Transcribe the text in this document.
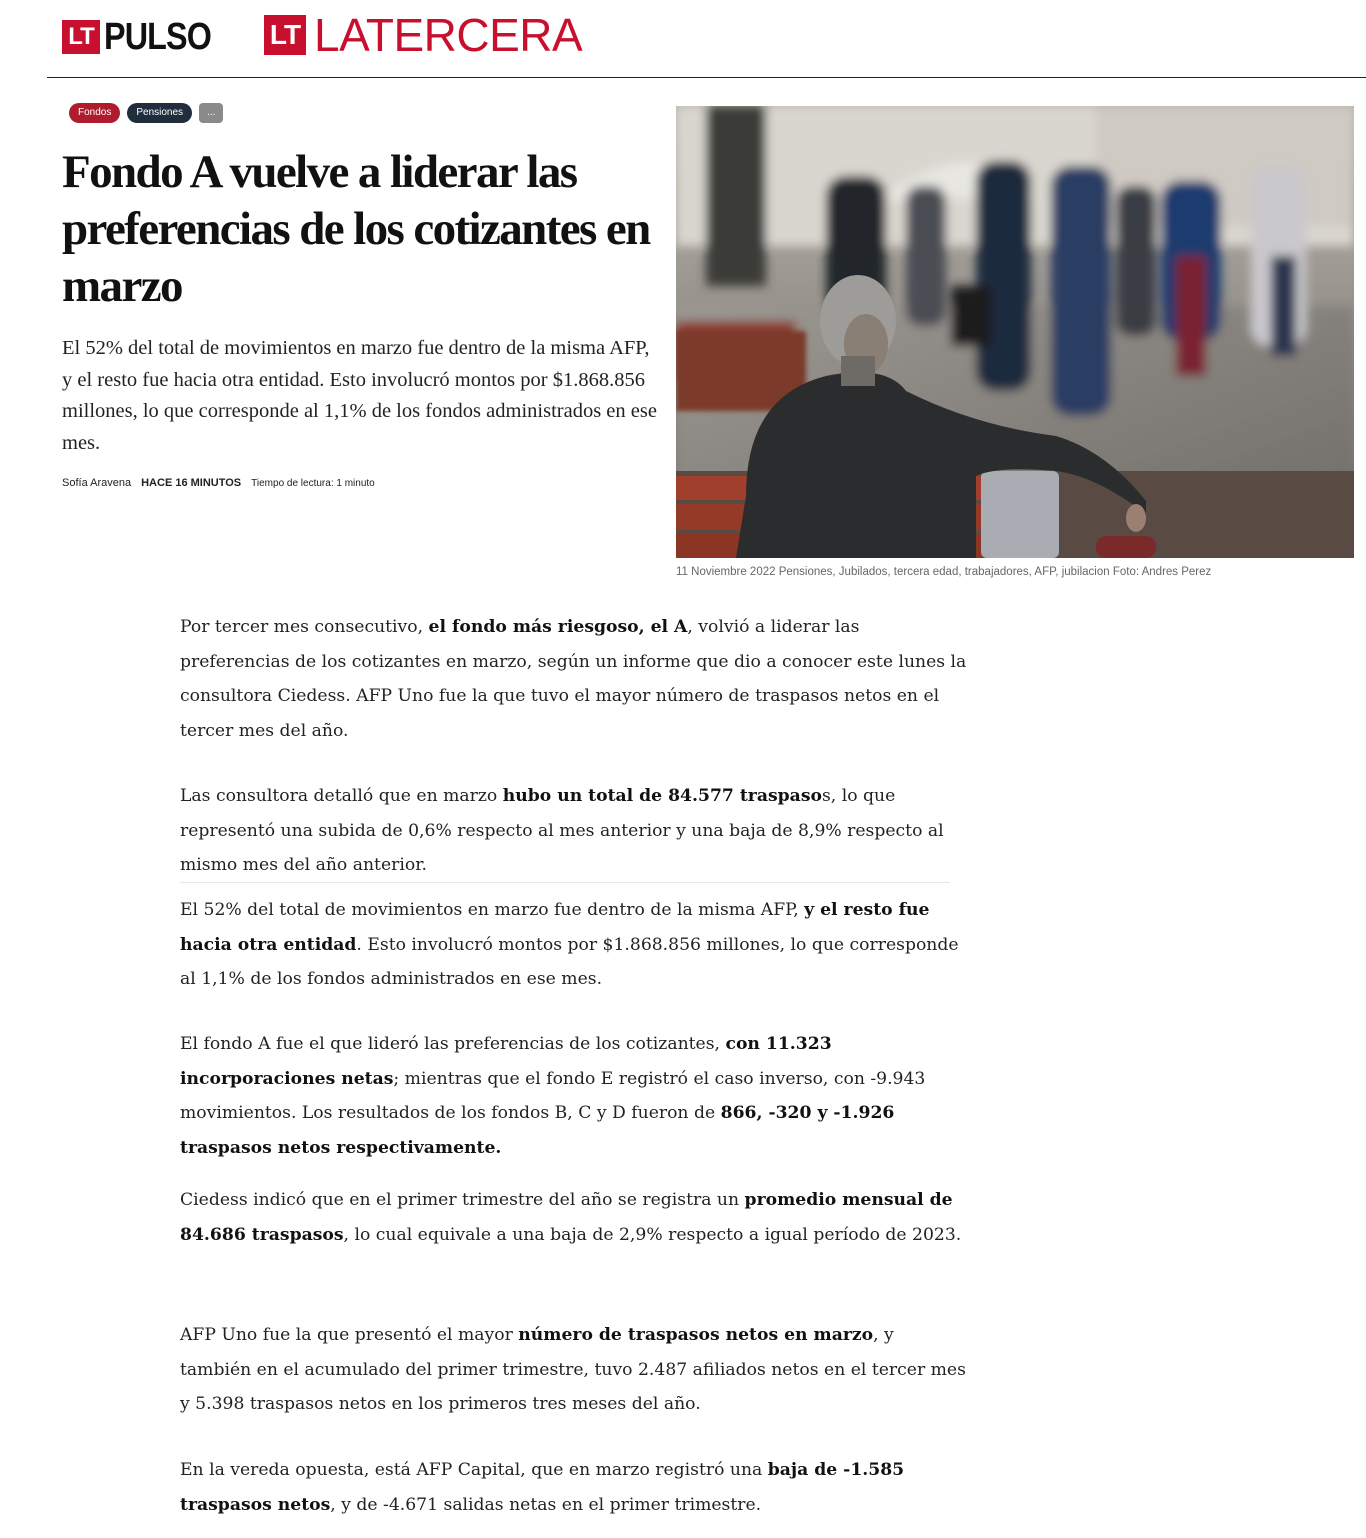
LT PULSO LT LATERCERA
Fondos	Pensiones	...
Fondo A vuelve a liderar las preferencias de los cotizantes en marzo

El 52% del total de movimientos en marzo fue dentro de la misma AFP, y el resto fue hacia otra entidad. Esto involucró montos por $1.868.856 millones, lo que corresponde al 1,1% de los fondos administrados en ese mes.

Sofía Aravena HACE 16 MINUTOS Tiempo de lectura: 1 minuto
11 Noviembre 2022 Pensiones, Jubilados, tercera edad, trabajadores, AFP, jubilacion Foto: Andres Perez

Por tercer mes consecutivo, el fondo más riesgoso, el A, volvió a liderar las preferencias de los cotizantes en marzo, según un informe que dio a conocer este lunes la consultora Ciedess. AFP Uno fue la que tuvo el mayor número de traspasos netos en el tercer mes del año.

Las consultora detalló que en marzo hubo un total de 84.577 traspasos, lo que representó una subida de 0,6% respecto al mes anterior y una baja de 8,9% respecto al mismo mes del año anterior.

El 52% del total de movimientos en marzo fue dentro de la misma AFP, y el resto fue hacia otra entidad. Esto involucró montos por $1.868.856 millones, lo que corresponde al 1,1% de los fondos administrados en ese mes.

El fondo A fue el que lideró las preferencias de los cotizantes, con 11.323 incorporaciones netas; mientras que el fondo E registró el caso inverso, con -9.943 movimientos. Los resultados de los fondos B, C y D fueron de 866, -320 y -1.926 traspasos netos respectivamente.

Ciedess indicó que en el primer trimestre del año se registra un promedio mensual de 84.686 traspasos, lo cual equivale a una baja de 2,9% respecto a igual período de 2023.

AFP Uno fue la que presentó el mayor número de traspasos netos en marzo, y también en el acumulado del primer trimestre, tuvo 2.487 afiliados netos en el tercer mes y 5.398 traspasos netos en los primeros tres meses del año.

En la vereda opuesta, está AFP Capital, que en marzo registró una baja de -1.585 traspasos netos, y de -4.671 salidas netas en el primer trimestre.
